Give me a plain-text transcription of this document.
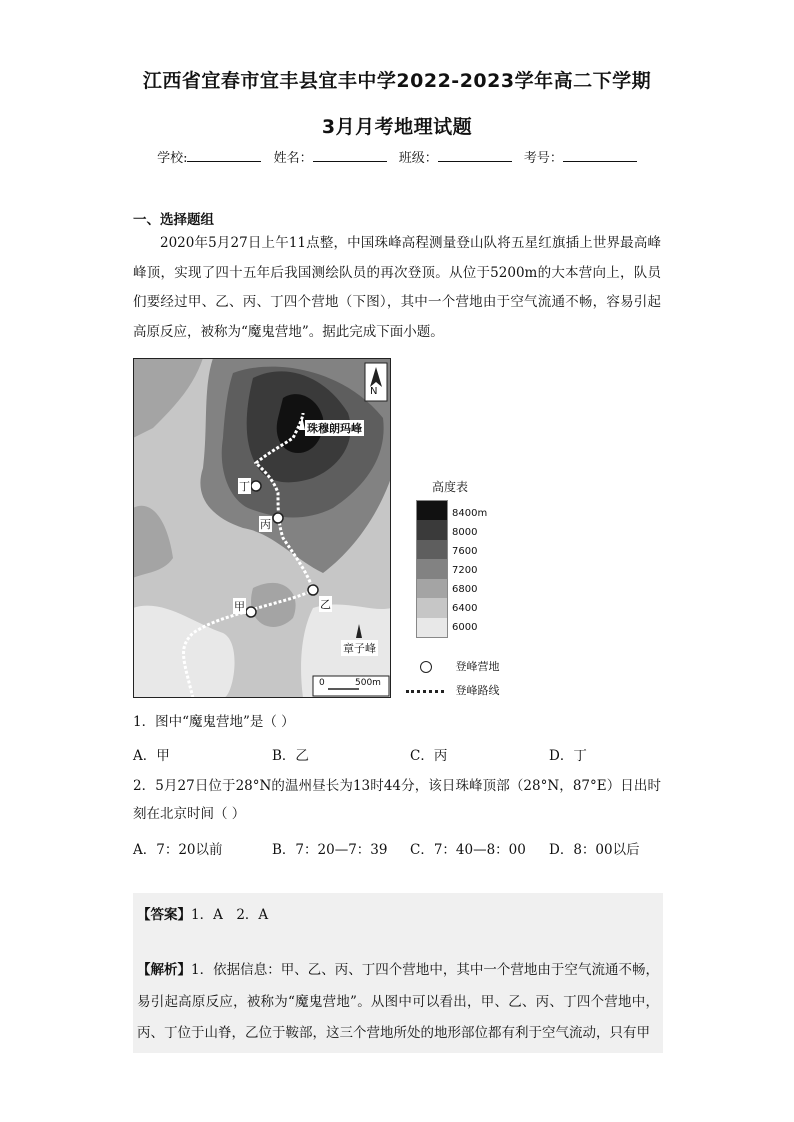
江西省宜春市宜丰县宜丰中学2022-2023学年高二下学期
3月月考地理试题
学校:	姓名：	班级：	考号：
一、选择题组

2020年5月27日上午11点整，中国珠峰高程测量登山队将五星红旗插上世界最高峰峰顶，实现了四十五年后我国测绘队员的再次登顶。从位于5200m的大本营向上，队员们要经过甲、乙、丙、丁四个营地（下图），其中一个营地由于空气流通不畅，容易引起高原反应，被称为“魔鬼营地”。据此完成下面小题。

N
珠穆朗玛峰
甲	乙
丙
丁
章子峰
0	500m
高度表
8400m
8000
7600
7200
6800
6400
6000
登峰营地
登峰路线

1．图中“魔鬼营地”是（ ）

A．甲	B．乙	C．丙	D．丁

2．5月27日位于28°N的温州昼长为13时44分，该日珠峰顶部（28°N，87°E）日出时刻在北京时间（ ）

A．7：20以前	B．7：20—7：39 C．7：40—8：00 D．8：00以后

【答案】1．A　2．A

【解析】1．依据信息：甲、乙、丙、丁四个营地中，其中一个营地由于空气流通不畅，易引起高原反应，被称为“魔鬼营地”。从图中可以看出，甲、乙、丙、丁四个营地中，丙、丁位于山脊，乙位于鞍部，这三个营地所处的地形部位都有利于空气流动，只有甲
